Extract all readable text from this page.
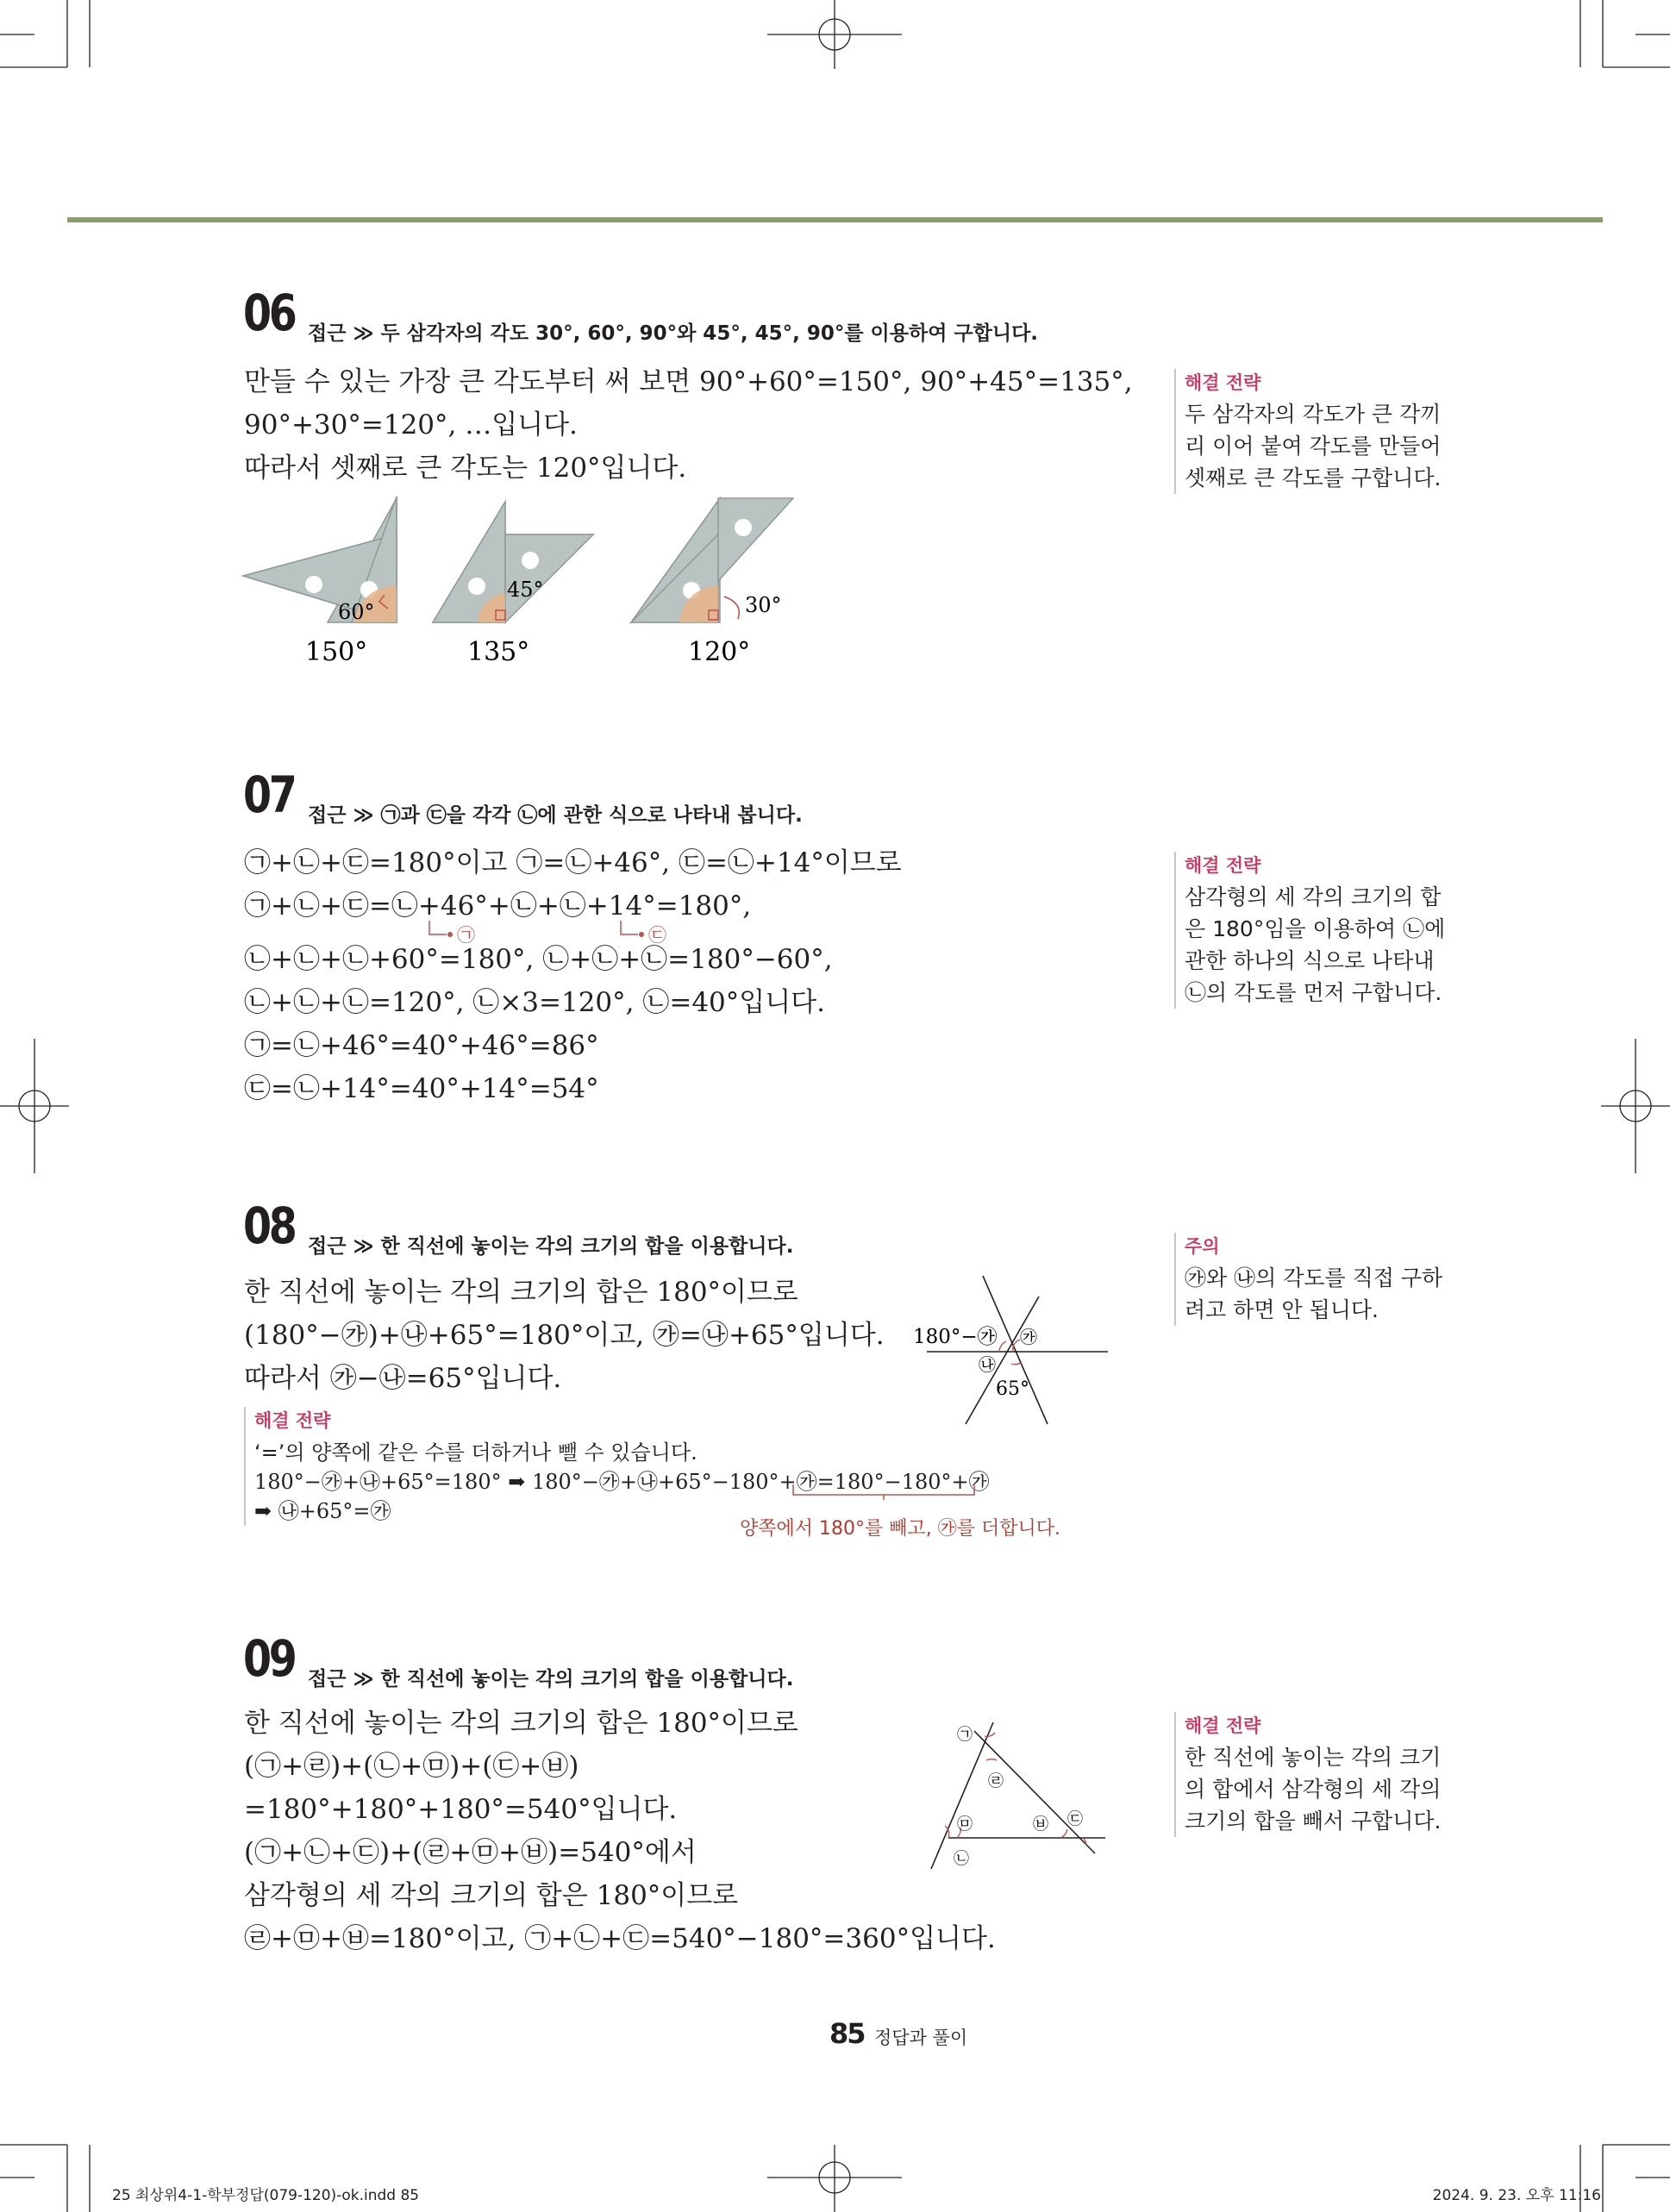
06 접근 ≫ 두 삼각자의 각도 30°, 60°, 90°와 45°, 45°, 90°를 이용하여 구합니다.
만들 수 있는 가장 큰 각도부터 써 보면 90°+60°=150°, 90°+45°=135°,
90°+30°=120°, …입니다.
따라서 셋째로 큰 각도는 120°입니다.
60°
45°
30°
150°	135°	120°
해결 전략
두 삼각자의 각도가 큰 각끼
리 이어 붙여 각도를 만들어
셋째로 큰 각도를 구합니다.
07 접근 ≫ ㉠과 ㉢을 각각 ㉡에 관한 식으로 나타내 봅니다.
㉠+㉡+㉢=180°이고 ㉠=㉡+46°, ㉢=㉡+14°이므로
㉠+㉡+㉢=㉡+46°+㉡+㉡+14°=180°,
㉠	㉢
㉡+㉡+㉡+60°=180°, ㉡+㉡+㉡=180°−60°,
㉡+㉡+㉡=120°, ㉡×3=120°, ㉡=40°입니다.
㉠=㉡+46°=40°+46°=86°
㉢=㉡+14°=40°+14°=54°
해결 전략
삼각형의 세 각의 크기의 합
은 180°임을 이용하여 ㉡에
관한 하나의 식으로 나타내
㉡의 각도를 먼저 구합니다.
08 접근 ≫ 한 직선에 놓이는 각의 크기의 합을 이용합니다.
한 직선에 놓이는 각의 크기의 합은 180°이므로
(180°−㉮)+㉯+65°=180°이고, ㉮=㉯+65°입니다.
따라서 ㉮−㉯=65°입니다.
180°−㉮ ㉮
㉯
65°
해결 전략
‘=’의 양쪽에 같은 수를 더하거나 뺄 수 있습니다.
180°−㉮+㉯+65°=180° ➡ 180°−㉮+㉯+65°−180°+㉮=180°−180°+㉮
➡ ㉯+65°=㉮
양쪽에서 180°를 빼고, ㉮를 더합니다.
주의
㉮와 ㉯의 각도를 직접 구하
려고 하면 안 됩니다.
09 접근 ≫ 한 직선에 놓이는 각의 크기의 합을 이용합니다.
한 직선에 놓이는 각의 크기의 합은 180°이므로
(㉠+㉣)+(㉡+㉤)+(㉢+㉥)
=180°+180°+180°=540°입니다.
(㉠+㉡+㉢)+(㉣+㉤+㉥)=540°에서
삼각형의 세 각의 크기의 합은 180°이므로
㉣+㉤+㉥=180°이고, ㉠+㉡+㉢=540°−180°=360°입니다.
㉠
㉡
㉢
㉣
㉤	㉥
해결 전략
한 직선에 놓이는 각의 크기
의 합에서 삼각형의 세 각의
크기의 합을 빼서 구합니다.
85 정답과 풀이
25 최상위4-1-학부정답(079-120)-ok.indd 85	2024. 9. 23. 오후 11:16
